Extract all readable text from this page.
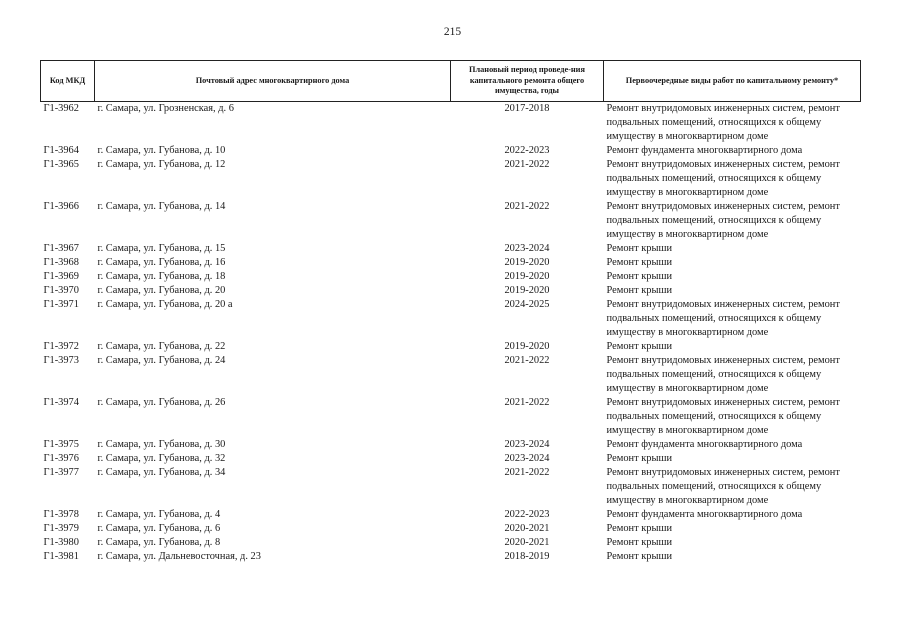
215
Код МКД	Почтовый адрес многоквартирного дома	Плановый период проведе-ния капитального ремонта общего имущества, годы	Первоочередные виды работ по капитальному ремонту*
Г1-3962	г. Самара, ул. Грозненская, д. 6	2017-2018	Ремонт внутридомовых инженерных систем, ремонт подвальных помещений, относящихся к общему имуществу в многоквартирном доме
Г1-3964	г. Самара, ул. Губанова, д. 10	2022-2023	Ремонт фундамента многоквартирного дома
Г1-3965	г. Самара, ул. Губанова, д. 12	2021-2022	Ремонт внутридомовых инженерных систем, ремонт подвальных помещений, относящихся к общему имуществу в многоквартирном доме
Г1-3966	г. Самара, ул. Губанова, д. 14	2021-2022	Ремонт внутридомовых инженерных систем, ремонт подвальных помещений, относящихся к общему имуществу в многоквартирном доме
Г1-3967	г. Самара, ул. Губанова, д. 15	2023-2024	Ремонт крыши
Г1-3968	г. Самара, ул. Губанова, д. 16	2019-2020	Ремонт крыши
Г1-3969	г. Самара, ул. Губанова, д. 18	2019-2020	Ремонт крыши
Г1-3970	г. Самара, ул. Губанова, д. 20	2019-2020	Ремонт крыши
Г1-3971	г. Самара, ул. Губанова, д. 20 а	2024-2025	Ремонт внутридомовых инженерных систем, ремонт подвальных помещений, относящихся к общему имуществу в многоквартирном доме
Г1-3972	г. Самара, ул. Губанова, д. 22	2019-2020	Ремонт крыши
Г1-3973	г. Самара, ул. Губанова, д. 24	2021-2022	Ремонт внутридомовых инженерных систем, ремонт подвальных помещений, относящихся к общему имуществу в многоквартирном доме
Г1-3974	г. Самара, ул. Губанова, д. 26	2021-2022	Ремонт внутридомовых инженерных систем, ремонт подвальных помещений, относящихся к общему имуществу в многоквартирном доме
Г1-3975	г. Самара, ул. Губанова, д. 30	2023-2024	Ремонт фундамента многоквартирного дома
Г1-3976	г. Самара, ул. Губанова, д. 32	2023-2024	Ремонт крыши
Г1-3977	г. Самара, ул. Губанова, д. 34	2021-2022	Ремонт внутридомовых инженерных систем, ремонт подвальных помещений, относящихся к общему имуществу в многоквартирном доме
Г1-3978	г. Самара, ул. Губанова, д. 4	2022-2023	Ремонт фундамента многоквартирного дома
Г1-3979	г. Самара, ул. Губанова, д. 6	2020-2021	Ремонт крыши
Г1-3980	г. Самара, ул. Губанова, д. 8	2020-2021	Ремонт крыши
Г1-3981	г. Самара, ул. Дальневосточная, д. 23	2018-2019	Ремонт крыши
